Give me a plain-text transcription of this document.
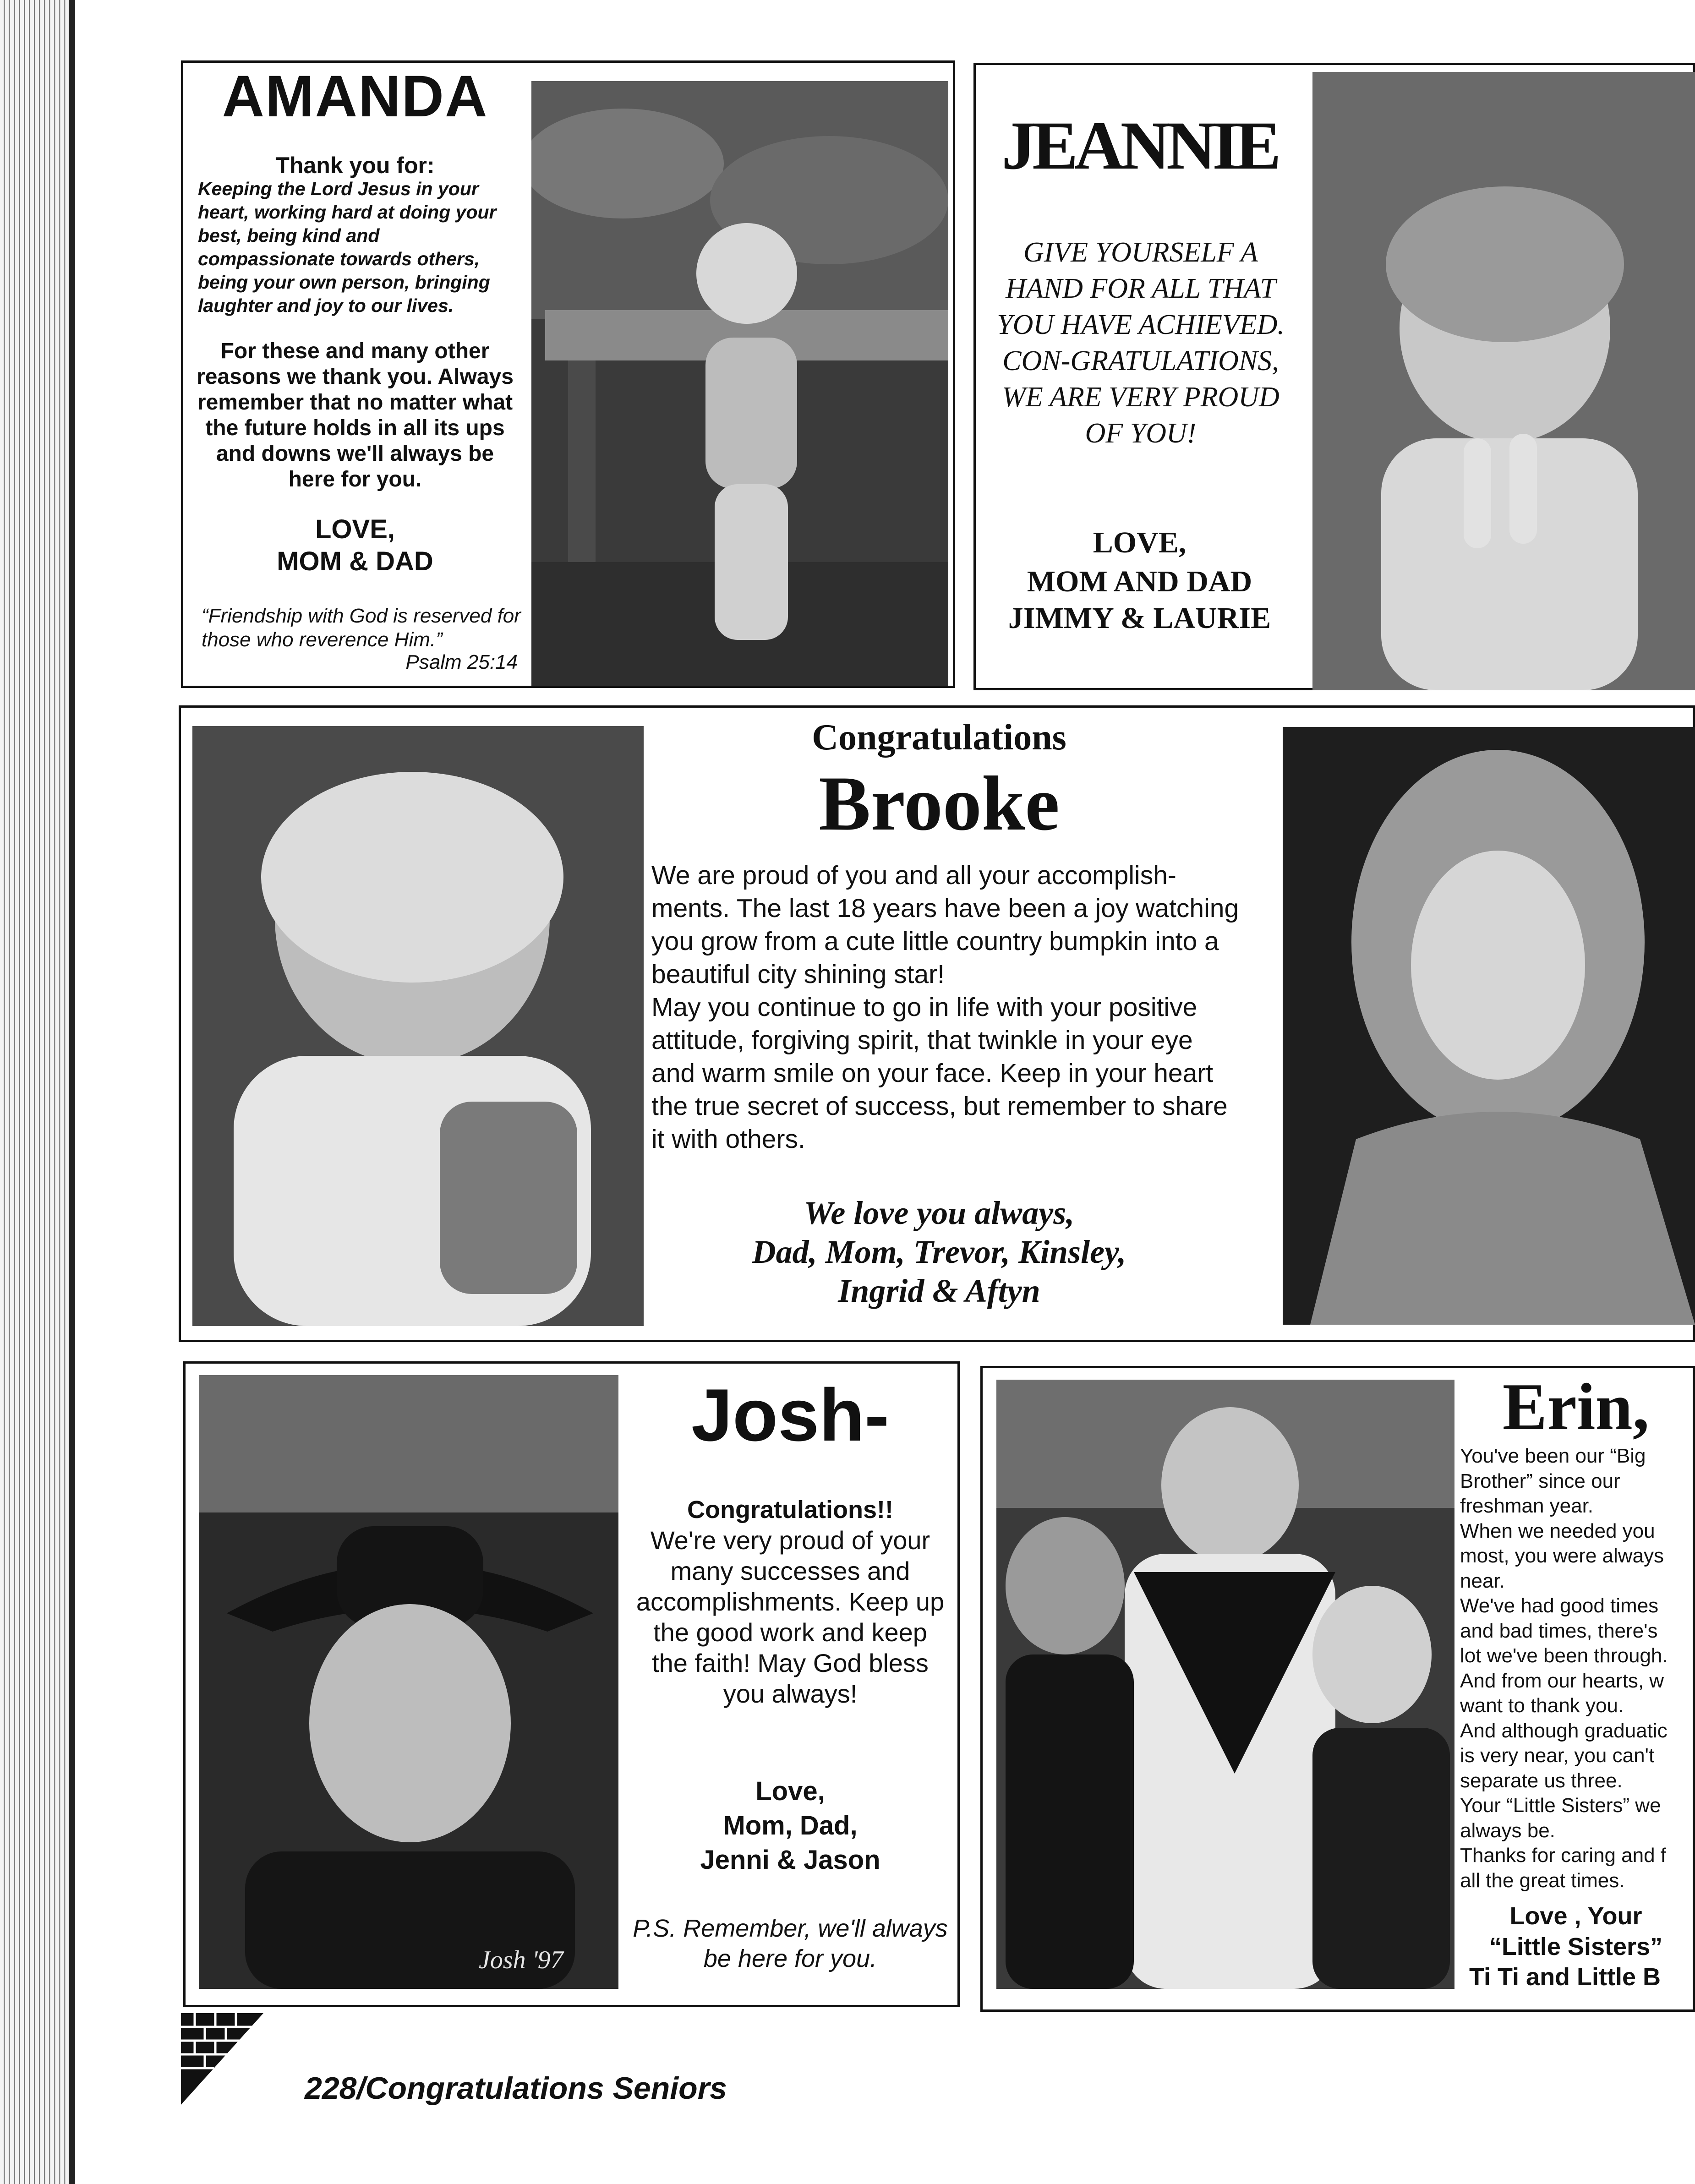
AMANDA
Thank you for:
Keeping the Lord Jesus in your heart, working hard at doing your best, being kind and compassionate towards others, being your own person, bringing laughter and joy to our lives.
For these and many other reasons we thank you. Always remember that no matter what the future holds in all its ups and downs we'll always be here for you.
LOVE,
MOM & DAD
“Friendship with God is reserved for those who reverence Him.”
Psalm 25:14
JEANNIE
GIVE YOURSELF A HAND FOR ALL THAT YOU HAVE ACHIEVED. CON-GRATULATIONS, WE ARE VERY PROUD OF YOU!
LOVE,
MOM AND DAD
JIMMY & LAURIE
Congratulations
Brooke
We are proud of you and all your accomplish-ments. The last 18 years have been a joy watching you grow from a cute little country bumpkin into a beautiful city shining star!
May you continue to go in life with your positive attitude, forgiving spirit, that twinkle in your eye and warm smile on your face. Keep in your heart the true secret of success, but remember to share it with others.
We love you always,
Dad, Mom, Trevor, Kinsley,
Ingrid & Aftyn
Josh '97
Josh-
Congratulations!!
We're very proud of your many successes and accomplishments. Keep up the good work and keep the faith! May God bless you always!
Love,
Mom, Dad,
Jenni & Jason
P.S. Remember, we'll always be here for you.
Erin,
You've been our “Big
Brother” since our
freshman year.
When we needed you
most, you were always
near.
We've had good times
and bad times, there's
lot we've been through.
And from our hearts, w
want to thank you.
And although graduatic
is very near, you can't
separate us three.
Your “Little Sisters” we
always be.
Thanks for caring and f
all the great times.
Love , Your
“Little Sisters”
Ti Ti and Little B
228/Congratulations Seniors
